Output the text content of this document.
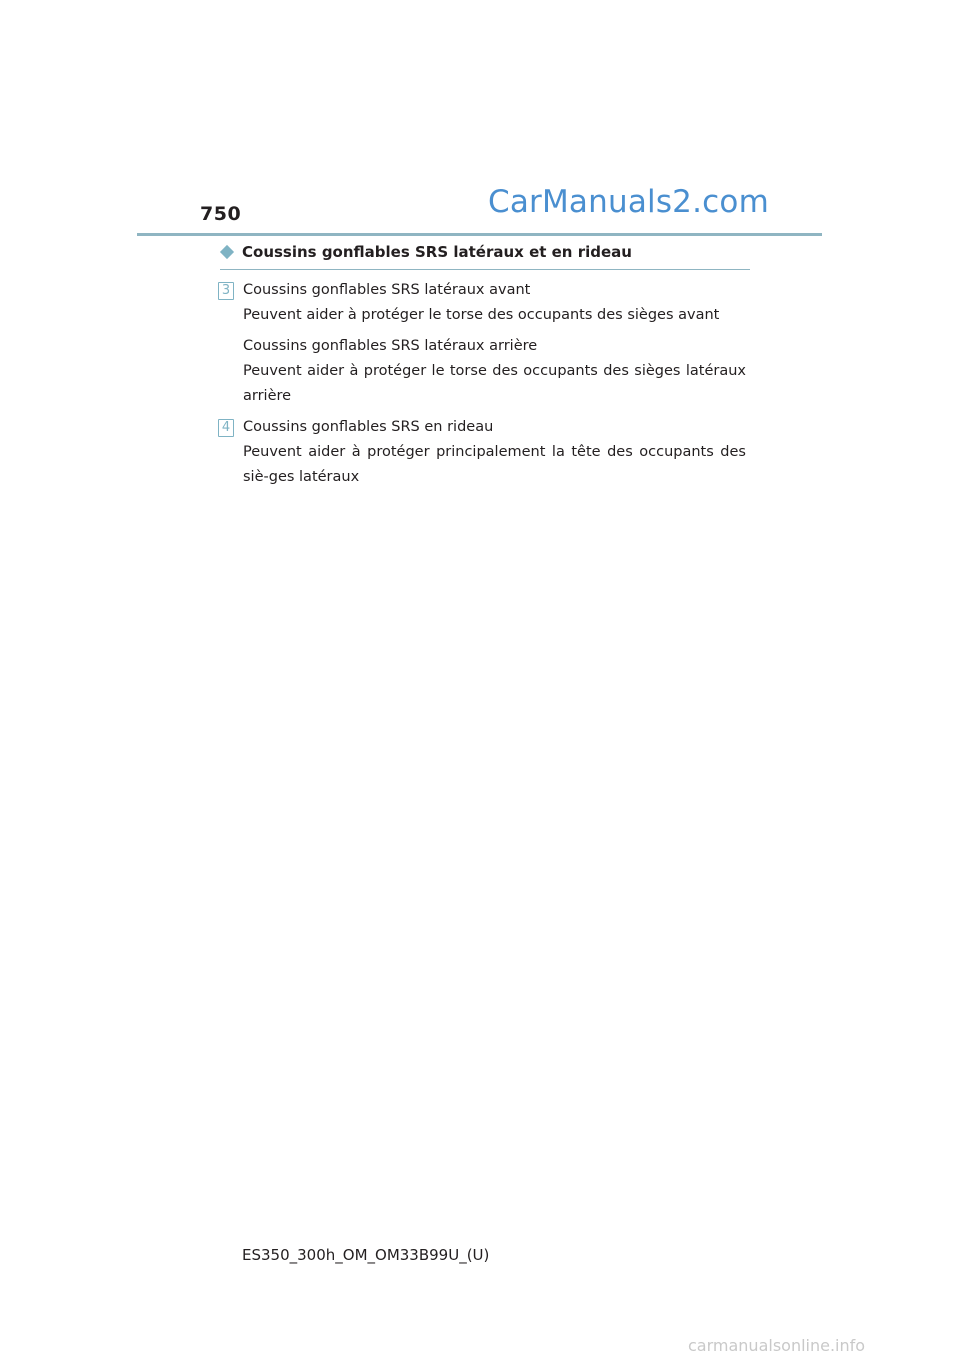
750	CarManuals2.com
Coussins gonflables SRS latéraux et en rideau
3 Coussins gonflables SRS latéraux avant

Peuvent aider à protéger le torse des occupants des sièges avant

Coussins gonflables SRS latéraux arrière

Peuvent aider à protéger le torse des occupants des sièges latéraux arrière

4 Coussins gonflables SRS en rideau

Peuvent aider à protéger principalement la tête des occupants des siè-ges latéraux

ES350_300h_OM_OM33B99U_(U)
carmanualsonline.info
